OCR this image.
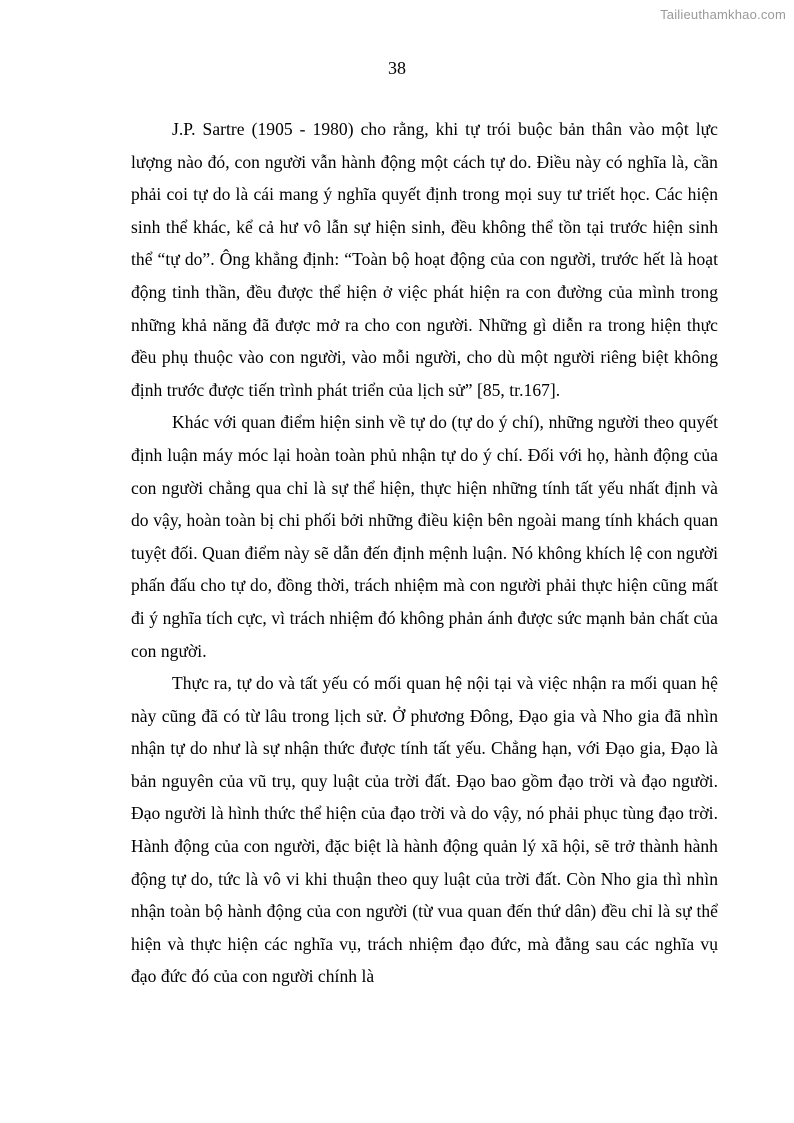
Tailieuthamkhao.com
38

J.P. Sartre (1905 - 1980) cho rằng, khi tự trói buộc bản thân vào một lực lượng nào đó, con người vẫn hành động một cách tự do. Điều này có nghĩa là, cần phải coi tự do là cái mang ý nghĩa quyết định trong mọi suy tư triết học. Các hiện sinh thể khác, kể cả hư vô lẫn sự hiện sinh, đều không thể tồn tại trước hiện sinh thể “tự do”. Ông khẳng định: “Toàn bộ hoạt động của con người, trước hết là hoạt động tinh thần, đều được thể hiện ở việc phát hiện ra con đường của mình trong những khả năng đã được mở ra cho con người. Những gì diễn ra trong hiện thực đều phụ thuộc vào con người, vào mỗi người, cho dù một người riêng biệt không định trước được tiến trình phát triển của lịch sử” [85, tr.167].

Khác với quan điểm hiện sinh về tự do (tự do ý chí), những người theo quyết định luận máy móc lại hoàn toàn phủ nhận tự do ý chí. Đối với họ, hành động của con người chẳng qua chỉ là sự thể hiện, thực hiện những tính tất yếu nhất định và do vậy, hoàn toàn bị chi phối bởi những điều kiện bên ngoài mang tính khách quan tuyệt đối. Quan điểm này sẽ dẫn đến định mệnh luận. Nó không khích lệ con người phấn đấu cho tự do, đồng thời, trách nhiệm mà con người phải thực hiện cũng mất đi ý nghĩa tích cực, vì trách nhiệm đó không phản ánh được sức mạnh bản chất của con người.

Thực ra, tự do và tất yếu có mối quan hệ nội tại và việc nhận ra mối quan hệ này cũng đã có từ lâu trong lịch sử. Ở phương Đông, Đạo gia và Nho gia đã nhìn nhận tự do như là sự nhận thức được tính tất yếu. Chẳng hạn, với Đạo gia, Đạo là bản nguyên của vũ trụ, quy luật của trời đất. Đạo bao gồm đạo trời và đạo người. Đạo người là hình thức thể hiện của đạo trời và do vậy, nó phải phục tùng đạo trời. Hành động của con người, đặc biệt là hành động quản lý xã hội, sẽ trở thành hành động tự do, tức là vô vi khi thuận theo quy luật của trời đất. Còn Nho gia thì nhìn nhận toàn bộ hành động của con người (từ vua quan đến thứ dân) đều chỉ là sự thể hiện và thực hiện các nghĩa vụ, trách nhiệm đạo đức, mà đằng sau các nghĩa vụ đạo đức đó của con người chính là
